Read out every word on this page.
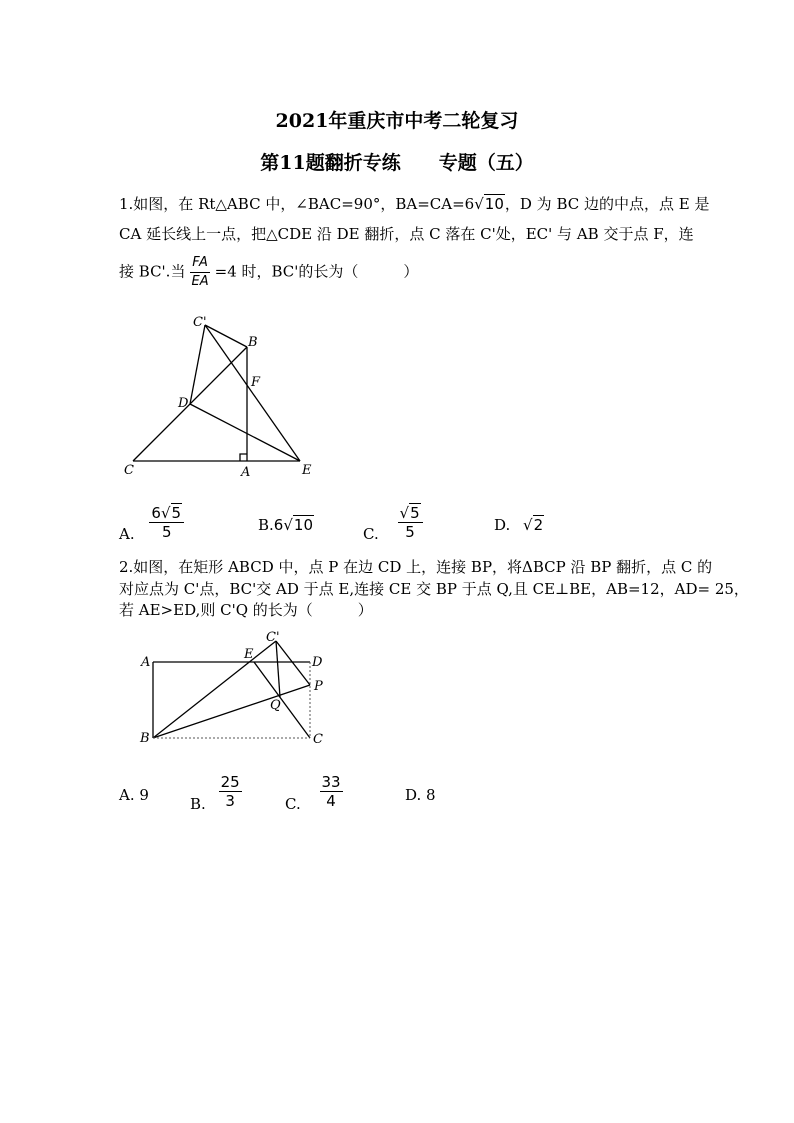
2021年重庆市中考二轮复习
第11题翻折专练　　专题（五）
1.如图，在 Rt△ABC 中，∠BAC=90°，BA=CA=6√10，D 为 BC 边的中点，点 E 是
CA 延长线上一点，把△CDE 沿 DE 翻折，点 C 落在 C'处，EC' 与 AB 交于点 F，连
接 BC'.当 $\frac{FA}{EA} =4$ 时，BC'的长为（　　　）
C'
B
F
D
C	A	E
A. $\frac{6√5}{5}$	B.6√10	C. $\frac{√5}{5}$	D. √2
2.如图，在矩形 ABCD 中，点 P 在边 CD 上，连接 BP，将ΔBCP 沿 BP 翻折，点 C 的
对应点为 C'点，BC'交 AD 于点 E,连接 CE 交 BP 于点 Q,且 CE⊥BE，AB=12，AD= 25，
若 AE>ED,则 C'Q 的长为（　　　）
A
E
C'
D
P
Q
B	C
A. 9	B. $\frac{25}{3}$	C. $\frac{33}{4}$	D. 8
